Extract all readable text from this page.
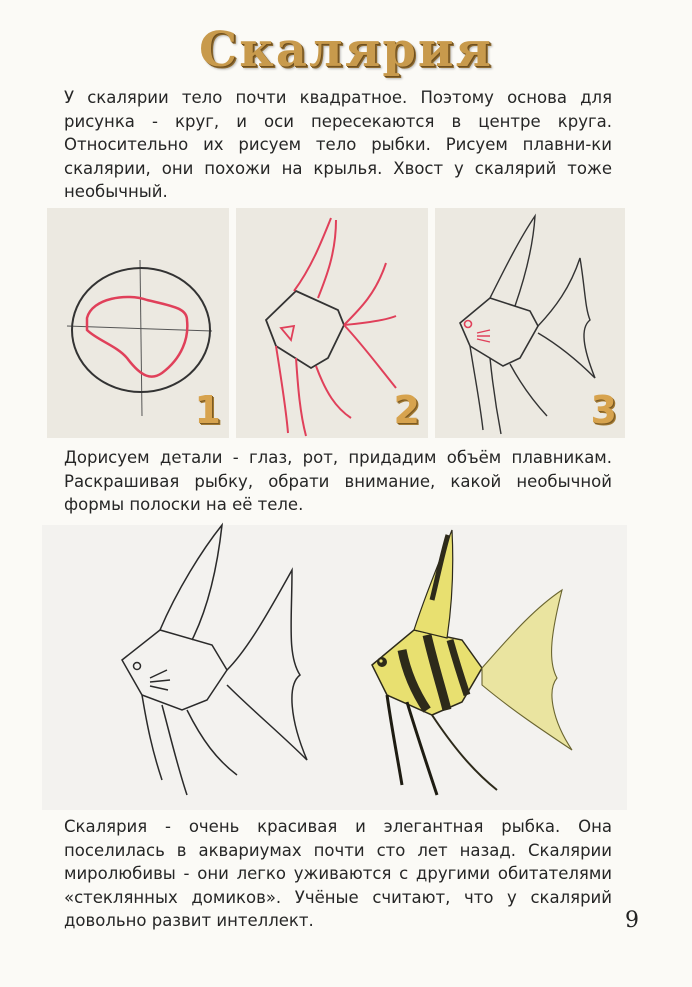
Скалярия

У скалярии тело почти квадратное. Поэтому основа для рисунка - круг, и оси пересекаются в центре круга. Относительно их рисуем тело рыбки. Рисуем плавни-ки скалярии, они похожи на крылья. Хвост у скалярий тоже необычный.

1	2	3

Дорисуем детали - глаз, рот, придадим объём плавникам. Раскрашивая рыбку, обрати внимание, какой необычной формы полоски на её теле.

Скалярия - очень красивая и элегантная рыбка. Она поселилась в аквариумах почти сто лет назад. Скалярии миролюбивы - они легко уживаются с другими обитателями «стеклянных домиков». Учёные считают, что у скалярий довольно развит интеллект.	9
